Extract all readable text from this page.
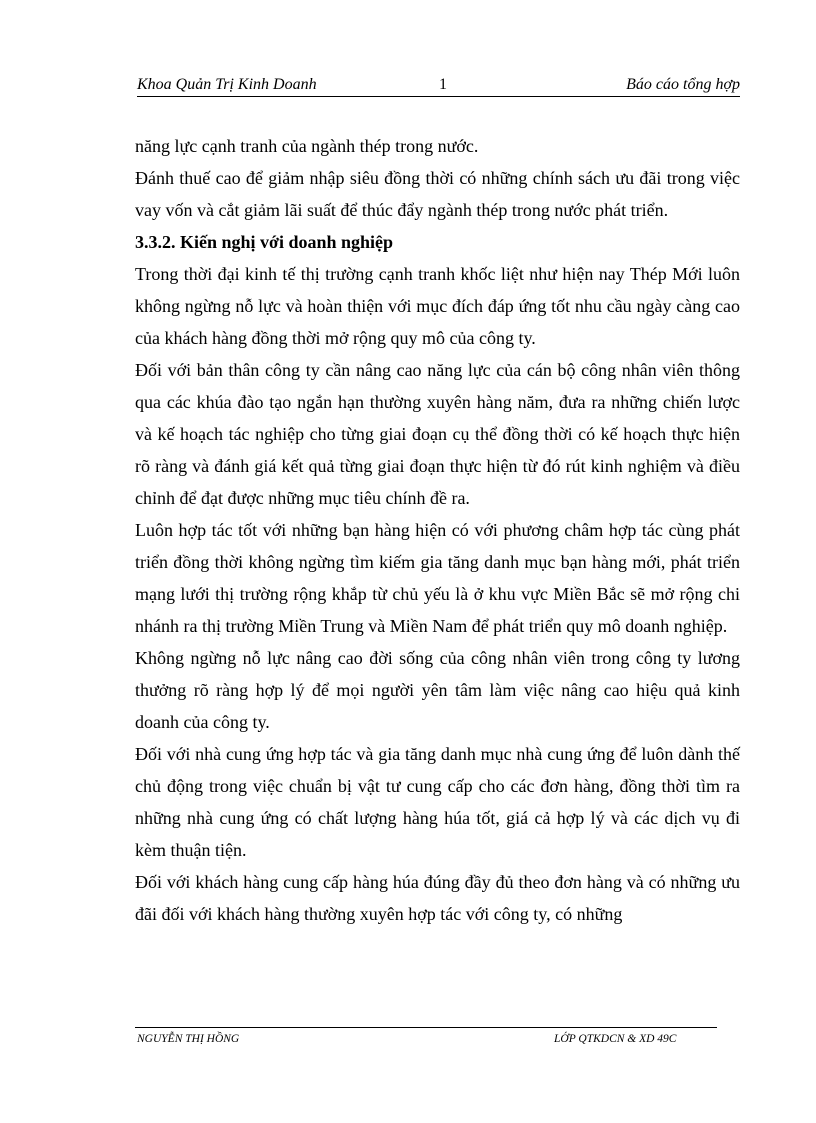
Khoa Quản Trị Kinh Doanh	1	Báo cáo tổng hợp

năng lực cạnh tranh của ngành thép trong nước.

Đánh thuế cao để giảm nhập siêu đồng thời có những chính sách ưu đãi trong việc vay vốn và cắt giảm lãi suất để thúc đẩy ngành thép trong nước phát triển.

3.3.2. Kiến nghị với doanh nghiệp

Trong thời đại kinh tế thị trường cạnh tranh khốc liệt như hiện nay Thép Mới luôn không ngừng nỗ lực và hoàn thiện với mục đích đáp ứng tốt nhu cầu ngày càng cao của khách hàng đồng thời mở rộng quy mô của công ty.

Đối với bản thân công ty cần nâng cao năng lực của cán bộ công nhân viên thông qua các khúa đào tạo ngắn hạn thường xuyên hàng năm, đưa ra những chiến lược và kế hoạch tác nghiệp cho từng giai đoạn cụ thể đồng thời có kế hoạch thực hiện rõ ràng và đánh giá kết quả từng giai đoạn thực hiện từ đó rút kinh nghiệm và điều chỉnh để đạt được những mục tiêu chính đề ra.

Luôn hợp tác tốt với những bạn hàng hiện có với phương châm hợp tác cùng phát triển đồng thời không ngừng tìm kiếm gia tăng danh mục bạn hàng mới, phát triển mạng lưới thị trường rộng khắp từ chủ yếu là ở khu vực Miền Bắc sẽ mở rộng chi nhánh ra thị trường Miền Trung và Miền Nam để phát triển quy mô doanh nghiệp.

Không ngừng nỗ lực nâng cao đời sống của công nhân viên trong công ty lương thưởng rõ ràng hợp lý để mọi người yên tâm làm việc nâng cao hiệu quả kinh doanh của công ty.

Đối với nhà cung ứng hợp tác và gia tăng danh mục nhà cung ứng để luôn dành thế chủ động trong việc chuẩn bị vật tư cung cấp cho các đơn hàng, đồng thời tìm ra những nhà cung ứng có chất lượng hàng húa tốt, giá cả hợp lý và các dịch vụ đi kèm thuận tiện.

Đối với khách hàng cung cấp hàng húa đúng đầy đủ theo đơn hàng và có những ưu đãi đối với khách hàng thường xuyên hợp tác với công ty, có những

NGUYỄN THỊ HỒNG	LỚP QTKDCN & XD 49C
